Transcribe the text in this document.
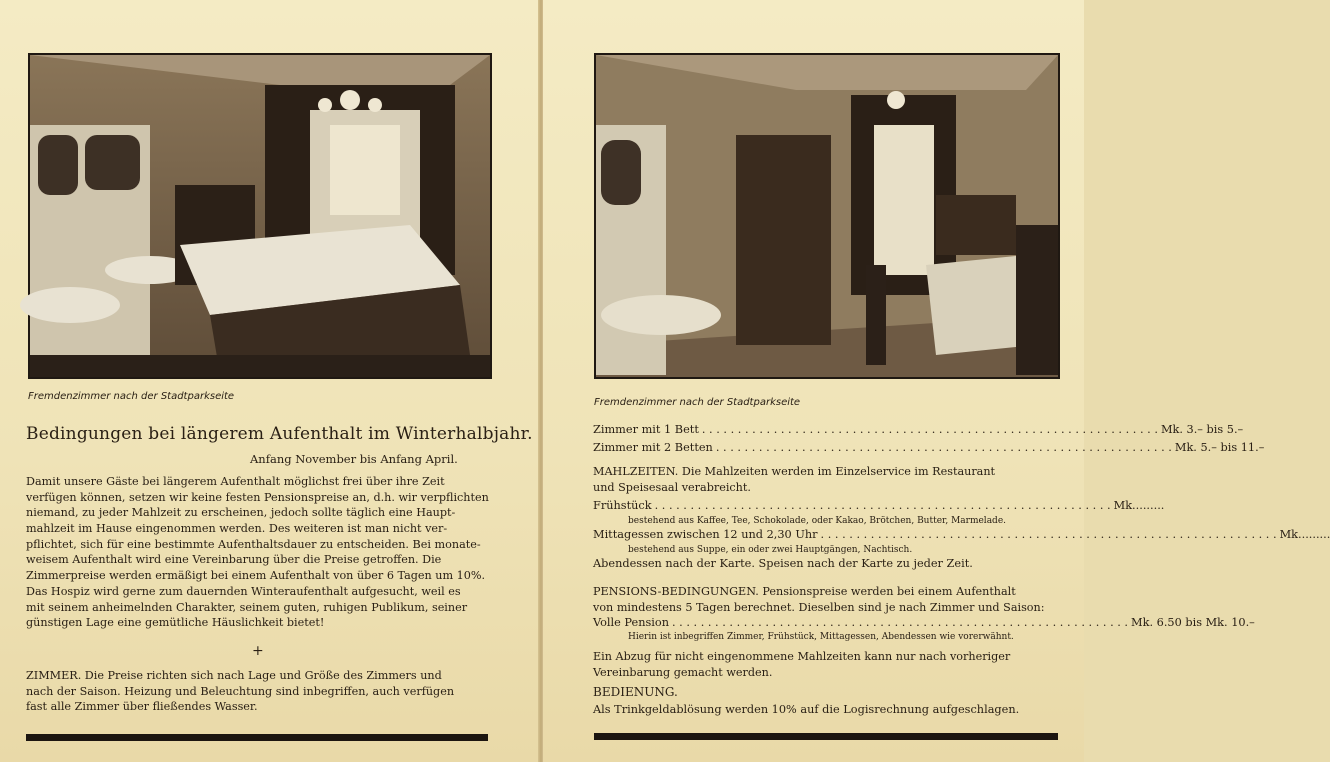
Fremdenzimmer nach der Stadtparkseite
Bedingungen bei längerem Aufenthalt im Winterhalbjahr.
Anfang November bis Anfang April.
Damit unsere Gäste bei längerem Aufenthalt möglichst frei über ihre Zeit
verfügen können, setzen wir keine festen Pensionspreise an, d.h. wir verpflichten
niemand, zu jeder Mahlzeit zu erscheinen, jedoch sollte täglich eine Haupt-
mahlzeit im Hause eingenommen werden. Des weiteren ist man nicht ver-
pflichtet, sich für eine bestimmte Aufenthaltsdauer zu entscheiden. Bei monate-
weisem Aufenthalt wird eine Vereinbarung über die Preise getroffen. Die
Zimmerpreise werden ermäßigt bei einem Aufenthalt von über 6 Tagen um 10%.
Das Hospiz wird gerne zum dauernden Winteraufenthalt aufgesucht, weil es
mit seinem anheimelnden Charakter, seinem guten, ruhigen Publikum, seiner
günstigen Lage eine gemütliche Häuslichkeit bietet!
+
ZIMMER. Die Preise richten sich nach Lage und Größe des Zimmers und
nach der Saison. Heizung und Beleuchtung sind inbegriffen, auch verfügen
fast alle Zimmer über fließendes Wasser.
Fremdenzimmer nach der Stadtparkseite
Zimmer mit 1 Bett . . . . . . . . . . . . . . . . . . . . . . . . . . . . . . . . . . . . . . . . . . . . . . . . . . . . . . . . . . . . . . . . Mk. 3.– bis 5.–
Zimmer mit 2 Betten . . . . . . . . . . . . . . . . . . . . . . . . . . . . . . . . . . . . . . . . . . . . . . . . . . . . . . . . . . . . . . . . Mk. 5.– bis 11.–
MAHLZEITEN. Die Mahlzeiten werden im Einzelservice im Restaurant
und Speisesaal verabreicht.
Frühstück . . . . . . . . . . . . . . . . . . . . . . . . . . . . . . . . . . . . . . . . . . . . . . . . . . . . . . . . . . . . . . . . Mk.........
bestehend aus Kaffee, Tee, Schokolade, oder Kakao, Brötchen, Butter, Marmelade.
Mittagessen zwischen 12 und 2,30 Uhr . . . . . . . . . . . . . . . . . . . . . . . . . . . . . . . . . . . . . . . . . . . . . . . . . . . . . . . . . . . . . . . . Mk.........
bestehend aus Suppe, ein oder zwei Hauptgängen, Nachtisch.
Abendessen nach der Karte. Speisen nach der Karte zu jeder Zeit.
PENSIONS-BEDINGUNGEN. Pensionspreise werden bei einem Aufenthalt
von mindestens 5 Tagen berechnet. Dieselben sind je nach Zimmer und Saison:
Volle Pension . . . . . . . . . . . . . . . . . . . . . . . . . . . . . . . . . . . . . . . . . . . . . . . . . . . . . . . . . . . . . . . . Mk. 6.50 bis Mk. 10.–
Hierin ist inbegriffen Zimmer, Frühstück, Mittagessen, Abendessen wie vorerwähnt.
Ein Abzug für nicht eingenommene Mahlzeiten kann nur nach vorheriger
Vereinbarung gemacht werden.
BEDIENUNG.
Als Trinkgeldablösung werden 10% auf die Logisrechnung aufgeschlagen.
